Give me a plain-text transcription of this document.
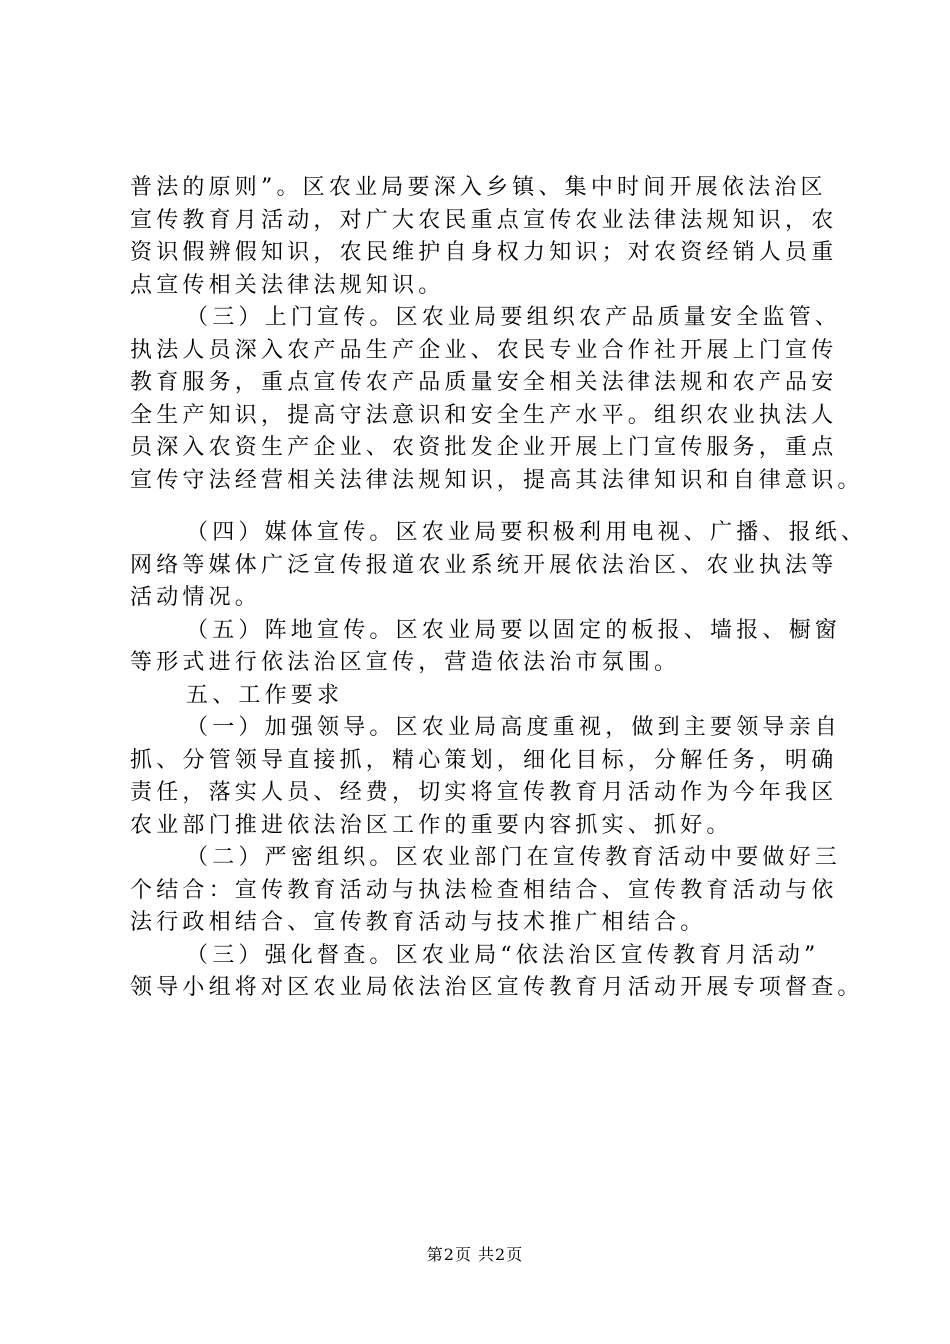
普法的原则”。区农业局要深入乡镇、集中时间开展依法治区
宣传教育月活动，对广大农民重点宣传农业法律法规知识，农
资识假辨假知识，农民维护自身权力知识；对农资经销人员重
点宣传相关法律法规知识。
（三）上门宣传。区农业局要组织农产品质量安全监管、
执法人员深入农产品生产企业、农民专业合作社开展上门宣传
教育服务，重点宣传农产品质量安全相关法律法规和农产品安
全生产知识，提高守法意识和安全生产水平。组织农业执法人
员深入农资生产企业、农资批发企业开展上门宣传服务，重点
宣传守法经营相关法律法规知识，提高其法律知识和自律意识。
（四）媒体宣传。区农业局要积极利用电视、广播、报纸、
网络等媒体广泛宣传报道农业系统开展依法治区、农业执法等
活动情况。
（五）阵地宣传。区农业局要以固定的板报、墙报、橱窗
等形式进行依法治区宣传，营造依法治市氛围。
五、工作要求
（一）加强领导。区农业局高度重视，做到主要领导亲自
抓、分管领导直接抓，精心策划，细化目标，分解任务，明确
责任，落实人员、经费，切实将宣传教育月活动作为今年我区
农业部门推进依法治区工作的重要内容抓实、抓好。
（二）严密组织。区农业部门在宣传教育活动中要做好三
个结合：宣传教育活动与执法检查相结合、宣传教育活动与依
法行政相结合、宣传教育活动与技术推广相结合。
（三）强化督查。区农业局“依法治区宣传教育月活动”
领导小组将对区农业局依法治区宣传教育月活动开展专项督查。
第2页 共2页
